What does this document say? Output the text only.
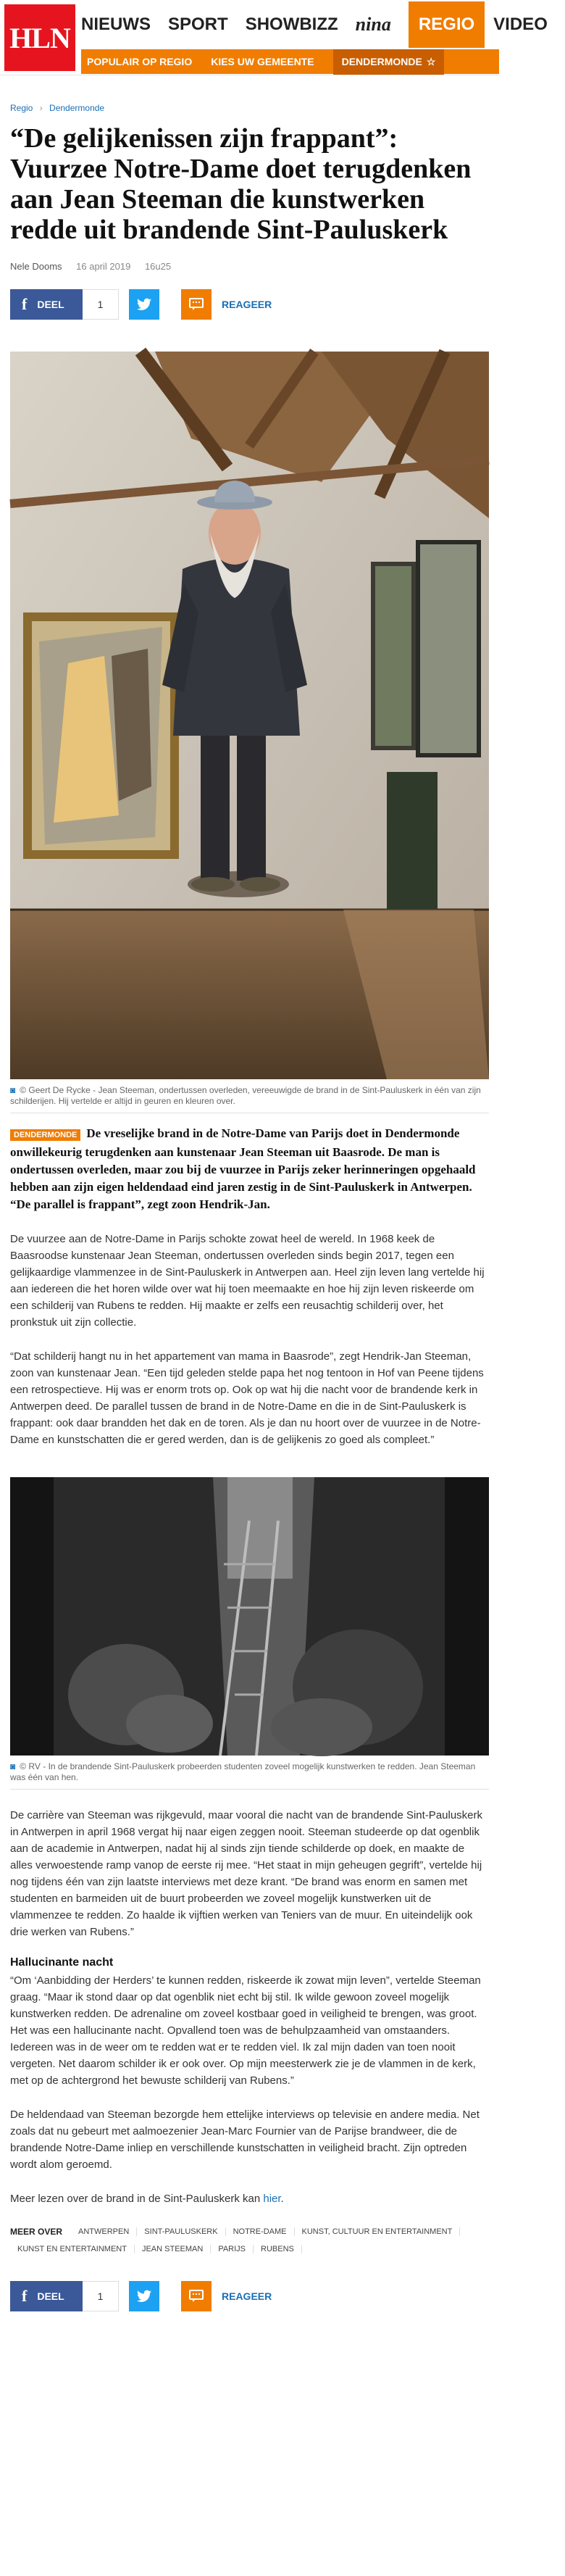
HLN NIEUWS SPORT SHOWBIZZ nina	REGIO	VIDEO
POPULAIR OP REGIO KIES UW GEMEENTE	DENDERMONDE ☆
Regio › Dendermonde
“De gelijkenissen zijn frappant”: Vuurzee Notre-Dame doet terugdenken aan Jean Steeman die kunstwerken redde uit brandende Sint-Pauluskerk
Nele Dooms 16 april 2019 16u25
f DEEL	1	REAGEER
◙ © Geert De Rycke - Jean Steeman, ondertussen overleden, vereeuwigde de brand in de Sint-Pauluskerk in één van zijn schilderijen. Hij vertelde er altijd in geuren en kleuren over.

DENDERMONDE De vreselijke brand in de Notre-Dame van Parijs doet in Dendermonde onwillekeurig terugdenken aan kunstenaar Jean Steeman uit Baasrode. De man is ondertussen overleden, maar zou bij de vuurzee in Parijs zeker herinneringen opgehaald hebben aan zijn eigen heldendaad eind jaren zestig in de Sint-Pauluskerk in Antwerpen. “De parallel is frappant”, zegt zoon Hendrik-Jan.

De vuurzee aan de Notre-Dame in Parijs schokte zowat heel de wereld. In 1968 keek de Baasroodse kunstenaar Jean Steeman, ondertussen overleden sinds begin 2017, tegen een gelijkaardige vlammenzee in de Sint-Pauluskerk in Antwerpen aan. Heel zijn leven lang vertelde hij aan iedereen die het horen wilde over wat hij toen meemaakte en hoe hij zijn leven riskeerde om een schilderij van Rubens te redden. Hij maakte er zelfs een reusachtig schilderij over, het pronkstuk uit zijn collectie.

“Dat schilderij hangt nu in het appartement van mama in Baasrode”, zegt Hendrik-Jan Steeman, zoon van kunstenaar Jean. “Een tijd geleden stelde papa het nog tentoon in Hof van Peene tijdens een retrospectieve. Hij was er enorm trots op. Ook op wat hij die nacht voor de brandende kerk in Antwerpen deed. De parallel tussen de brand in de Notre-Dame en die in de Sint-Pauluskerk is frappant: ook daar brandden het dak en de toren. Als je dan nu hoort over de vuurzee in de Notre-Dame en kunstschatten die er gered werden, dan is de gelijkenis zo goed als compleet.”

◙ © RV - In de brandende Sint-Pauluskerk probeerden studenten zoveel mogelijk kunstwerken te redden. Jean Steeman was één van hen.

De carrière van Steeman was rijkgevuld, maar vooral die nacht van de brandende Sint-Pauluskerk in Antwerpen in april 1968 vergat hij naar eigen zeggen nooit. Steeman studeerde op dat ogenblik aan de academie in Antwerpen, nadat hij al sinds zijn tiende schilderde op doek, en maakte de alles verwoestende ramp vanop de eerste rij mee. “Het staat in mijn geheugen gegrift”, vertelde hij nog tijdens één van zijn laatste interviews met deze krant. “De brand was enorm en samen met studenten en barmeiden uit de buurt probeerden we zoveel mogelijk kunstwerken uit de vlammenzee te redden. Zo haalde ik vijftien werken van Teniers van de muur. En uiteindelijk ook drie werken van Rubens.”

Hallucinante nacht

“Om ‘Aanbidding der Herders’ te kunnen redden, riskeerde ik zowat mijn leven”, vertelde Steeman graag. “Maar ik stond daar op dat ogenblik niet echt bij stil. Ik wilde gewoon zoveel mogelijk kunstwerken redden. De adrenaline om zoveel kostbaar goed in veiligheid te brengen, was groot. Het was een hallucinante nacht. Opvallend toen was de behulpzaamheid van omstaanders. Iedereen was in de weer om te redden wat er te redden viel. Ik zal mijn daden van toen nooit vergeten. Net daarom schilder ik er ook over. Op mijn meesterwerk zie je de vlammen in de kerk, met op de achtergrond het bewuste schilderij van Rubens.”

De heldendaad van Steeman bezorgde hem ettelijke interviews op televisie en andere media. Net zoals dat nu gebeurt met aalmoezenier Jean-Marc Fournier van de Parijse brandweer, die de brandende Notre-Dame inliep en verschillende kunstschatten in veiligheid bracht. Zijn optreden wordt alom geroemd.

Meer lezen over de brand in de Sint-Pauluskerk kan hier.

MEER OVER	ANTWERPEN	SINT-PAULUSKERK	NOTRE-DAME	KUNST, CULTUUR EN ENTERTAINMENT
KUNST EN ENTERTAINMENT	JEAN STEEMAN	PARIJS	RUBENS
f DEEL	1	REAGEER
